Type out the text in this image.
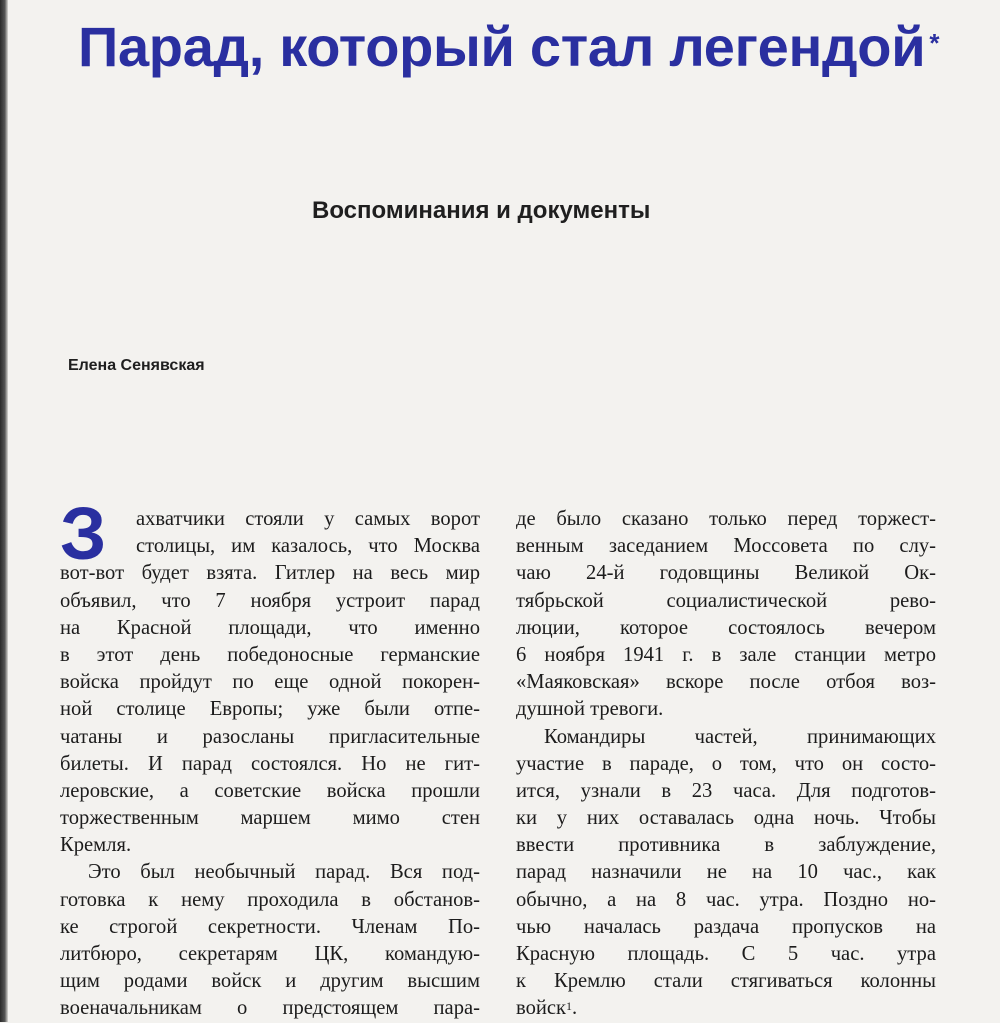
Парад, который стал легендой *
Воспоминания и документы
Елена Сенявская
З	ахватчики стояли у самых ворот
столицы, им казалось, что Москва
вот-вот будет взята. Гитлер на весь мир
объявил, что 7 ноября устроит парад
на Красной площади, что именно
в этот день победоносные германские
войска пройдут по еще одной покорен-
ной столице Европы; уже были отпе-
чатаны и разосланы пригласительные
билеты. И парад состоялся. Но не гит-
леровские, а советские войска прошли
торжественным маршем мимо стен
Кремля.
Это был необычный парад. Вся под-
готовка к нему проходила в обстанов-
ке строгой секретности. Членам По-
литбюро, секретарям ЦК, командую-
щим родами войск и другим высшим
военачальникам о предстоящем пара-
де было сказано только перед торжест-
венным заседанием Моссовета по слу-
чаю 24-й годовщины Великой Ок-
тябрьской социалистической рево-
люции, которое состоялось вечером
6 ноября 1941 г. в зале станции метро
«Маяковская» вскоре после отбоя воз-
душной тревоги.
Командиры частей, принимающих
участие в параде, о том, что он состо-
ится, узнали в 23 часа. Для подготов-
ки у них оставалась одна ночь. Чтобы
ввести противника в заблуждение,
парад назначили не на 10 час., как
обычно, а на 8 час. утра. Поздно но-
чью началась раздача пропусков на
Красную площадь. С 5 час. утра
к Кремлю стали стягиваться колонны
войск$^1$.
